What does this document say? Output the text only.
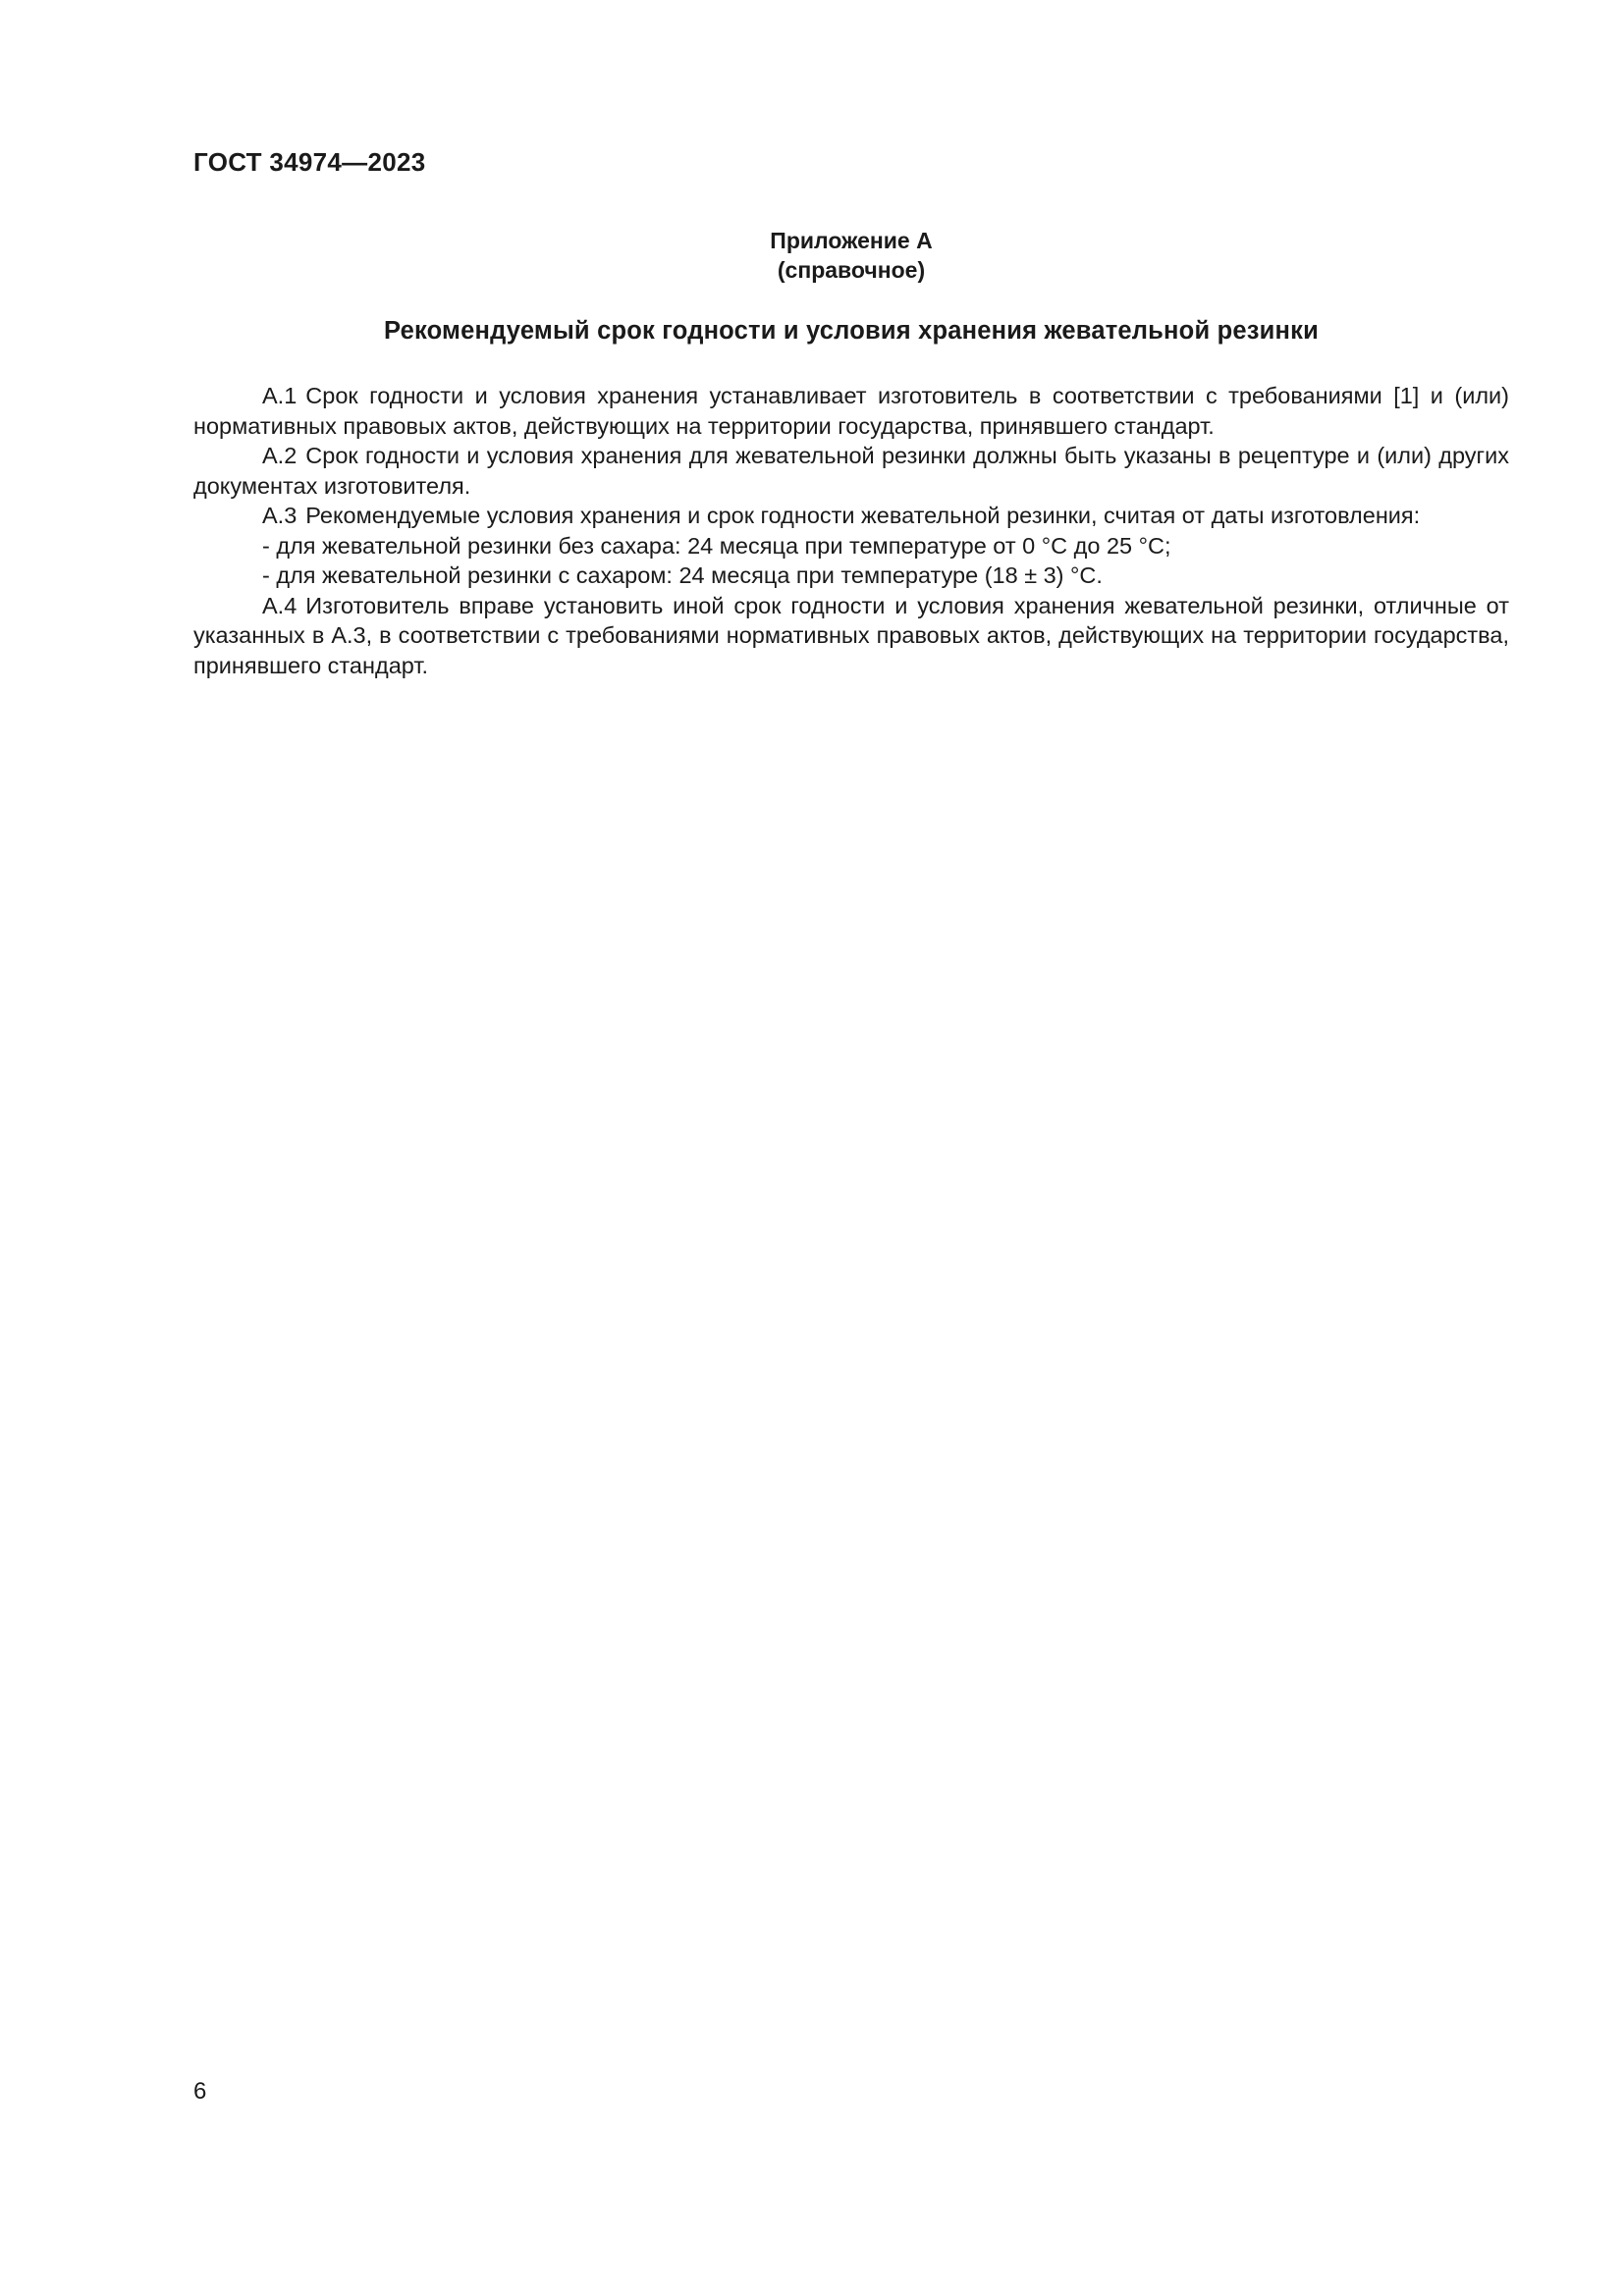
ГОСТ 34974—2023
Приложение А
(справочное)
Рекомендуемый срок годности и условия хранения жевательной резинки

А.1 Срок годности и условия хранения устанавливает изготовитель в соответствии с требованиями [1] и (или) нормативных правовых актов, действующих на территории государства, принявшего стандарт.

А.2 Срок годности и условия хранения для жевательной резинки должны быть указаны в рецептуре и (или) других документах изготовителя.

А.3 Рекомендуемые условия хранения и срок годности жевательной резинки, считая от даты изготовления:

- для жевательной резинки без сахара: 24 месяца при температуре от 0 °С до 25 °С;

- для жевательной резинки с сахаром: 24 месяца при температуре (18 ± 3) °С.

А.4 Изготовитель вправе установить иной срок годности и условия хранения жевательной резинки, отличные от указанных в А.3, в соответствии с требованиями нормативных правовых актов, действующих на территории государства, принявшего стандарт.

6
